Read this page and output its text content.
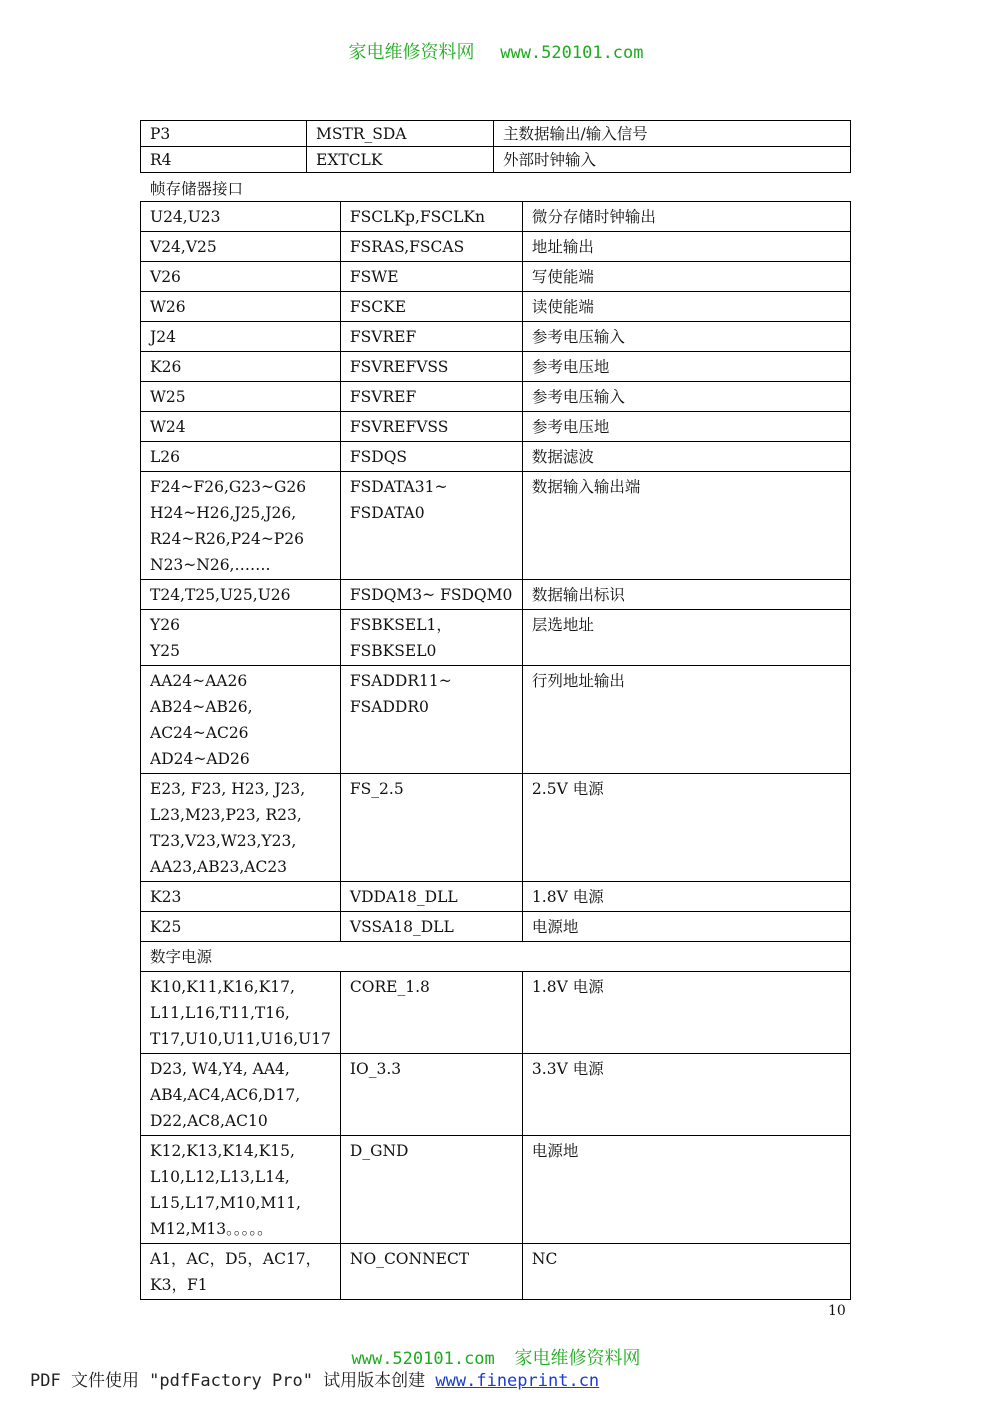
家电维修资料网 www.520101.com
P3	MSTR_SDA	主数据输出/输入信号
R4	EXTCLK	外部时钟输入
帧存储器接口
U24,U23	FSCLKp,FSCLKn	微分存储时钟输出

V24,V25	FSRAS,FSCAS	地址输出

V26	FSWE	写使能端

W26	FSCKE	读使能端

J24	FSVREF	参考电压输入

K26	FSVREFVSS	参考电压地

W25	FSVREF	参考电压输入

W24	FSVREFVSS	参考电压地

L26	FSDQS	数据滤波

F24~F26,G23~G26
H24~H26,J25,J26,
R24~R26,P24~P26
N23~N26,…….	FSDATA31~
FSDATA0	数据输入输出端

T24,T25,U25,U26	FSDQM3~ FSDQM0	数据输出标识

Y26
Y25	FSBKSEL1，
FSBKSEL0	层选地址

AA24~AA26
AB24~AB26,
AC24~AC26
AD24~AD26	FSADDR11~
FSADDR0	行列地址输出

E23, F23, H23, J23,
L23,M23,P23, R23,
T23,V23,W23,Y23,
AA23,AB23,AC23	FS_2.5	2.5V 电源

K23	VDDA18_DLL	1.8V 电源

K25	VSSA18_DLL	电源地

数字电源		

K10,K11,K16,K17,
L11,L16,T11,T16,
T17,U10,U11,U16,U17	CORE_1.8	1.8V 电源

D23, W4,Y4, AA4,
AB4,AC4,AC6,D17,
D22,AC8,AC10	IO_3.3	3.3V 电源

K12,K13,K14,K15,
L10,L12,L13,L14,
L15,L17,M10,M11,
M12,M13。。。。。	D_GND	电源地

A1，AC，D5，AC17，
K3，F1	NO_CONNECT	NC
10
www.520101.com 家电维修资料网
PDF 文件使用 "pdfFactory Pro" 试用版本创建 www.fineprint.cn
